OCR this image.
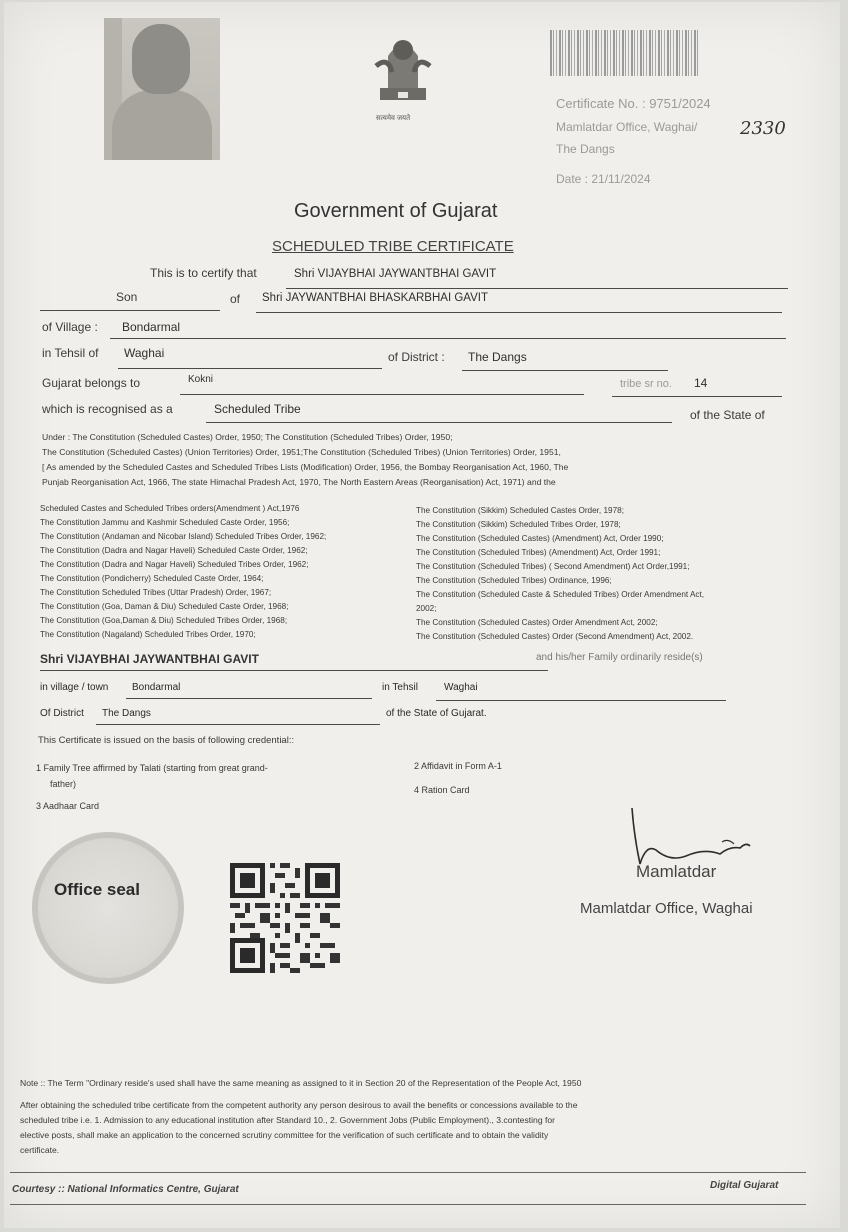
सत्यमेव जयते
Certificate No. : 9751/2024
Mamlatdar Office, Waghai/ 2330
The Dangs
Date : 21/11/2024
Government of Gujarat
SCHEDULED TRIBE CERTIFICATE
This is to certify that	Shri VIJAYBHAI JAYWANTBHAI GAVIT
Son	of Shri JAYWANTBHAI BHASKARBHAI GAVIT
of Village : Bondarmal
in Tehsil of Waghai	of District : The Dangs
Gujarat belongs to	Kokni	tribe sr no. 14
which is recognised as a	Scheduled Tribe	of the State of
Under : The Constitution (Scheduled Castes) Order, 1950; The Constitution (Scheduled Tribes) Order, 1950;
The Constitution (Scheduled Castes) (Union Territories) Order, 1951;The Constitution (Scheduled Tribes) (Union Territories) Order, 1951,
[ As amended by the Scheduled Castes and Scheduled Tribes Lists (Modification) Order, 1956, the Bombay Reorganisation Act, 1960, The
Punjab Reorganisation Act, 1966, The state Himachal Pradesh Act, 1970, The North Eastern Areas (Reorganisation) Act, 1971) and the
Scheduled Castes and Scheduled Tribes orders(Amendment ) Act,1976
The Constitution Jammu and Kashmir Scheduled Caste Order, 1956;
The Constitution (Andaman and Nicobar Island) Scheduled Tribes Order, 1962;
The Constitution (Dadra and Nagar Haveli) Scheduled Caste Order, 1962;
The Constitution (Dadra and Nagar Haveli) Scheduled Tribes Order, 1962;
The Constitution (Pondicherry) Scheduled Caste Order, 1964;
The Constitution Scheduled Tribes (Uttar Pradesh) Order, 1967;
The Constitution (Goa, Daman & Diu) Scheduled Caste Order, 1968;
The Constitution (Goa,Daman & Diu) Scheduled Tribes Order, 1968;
The Constitution (Nagaland) Scheduled Tribes Order, 1970;
The Constitution (Sikkim) Scheduled Castes Order, 1978;
The Constitution (Sikkim) Scheduled Tribes Order, 1978;
The Constitution (Scheduled Castes) (Amendment) Act, Order 1990;
The Constitution (Scheduled Tribes) (Amendment) Act, Order 1991;
The Constitution (Scheduled Tribes) ( Second Amendment) Act Order,1991;
The Constitution (Scheduled Tribes) Ordinance, 1996;
The Constitution (Scheduled Caste & Scheduled Tribes) Order Amendment Act,
2002;
The Constitution (Scheduled Castes) Order Amendment Act, 2002;
The Constitution (Scheduled Castes) Order (Second Amendment) Act, 2002.
Shri VIJAYBHAI JAYWANTBHAI GAVIT	and his/her Family ordinarily reside(s)
in village / town Bondarmal	in Tehsil	Waghai
Of District The Dangs	of the State of Gujarat.
This Certificate is issued on the basis of following credential::
1 Family Tree affirmed by Talati (starting from great grand-
father)
3 Aadhaar Card
2 Affidavit in Form A-1
4 Ration Card
Office seal
Mamlatdar
Mamlatdar Office, Waghai
Note :: The Term "Ordinary reside's used shall have the same meaning as assigned to it in Section 20 of the Representation of the People Act, 1950
After obtaining the scheduled tribe certificate from the competent authority any person desirous to avail the benefits or concessions available to the
scheduled tribe i.e. 1. Admission to any educational institution after Standard 10., 2. Government Jobs (Public Employment)., 3.contesting for
elective posts, shall make an application to the concerned scrutiny committee for the verification of such certificate and to obtain the validity
certificate.
Courtesy :: National Informatics Centre, Gujarat	Digital Gujarat
